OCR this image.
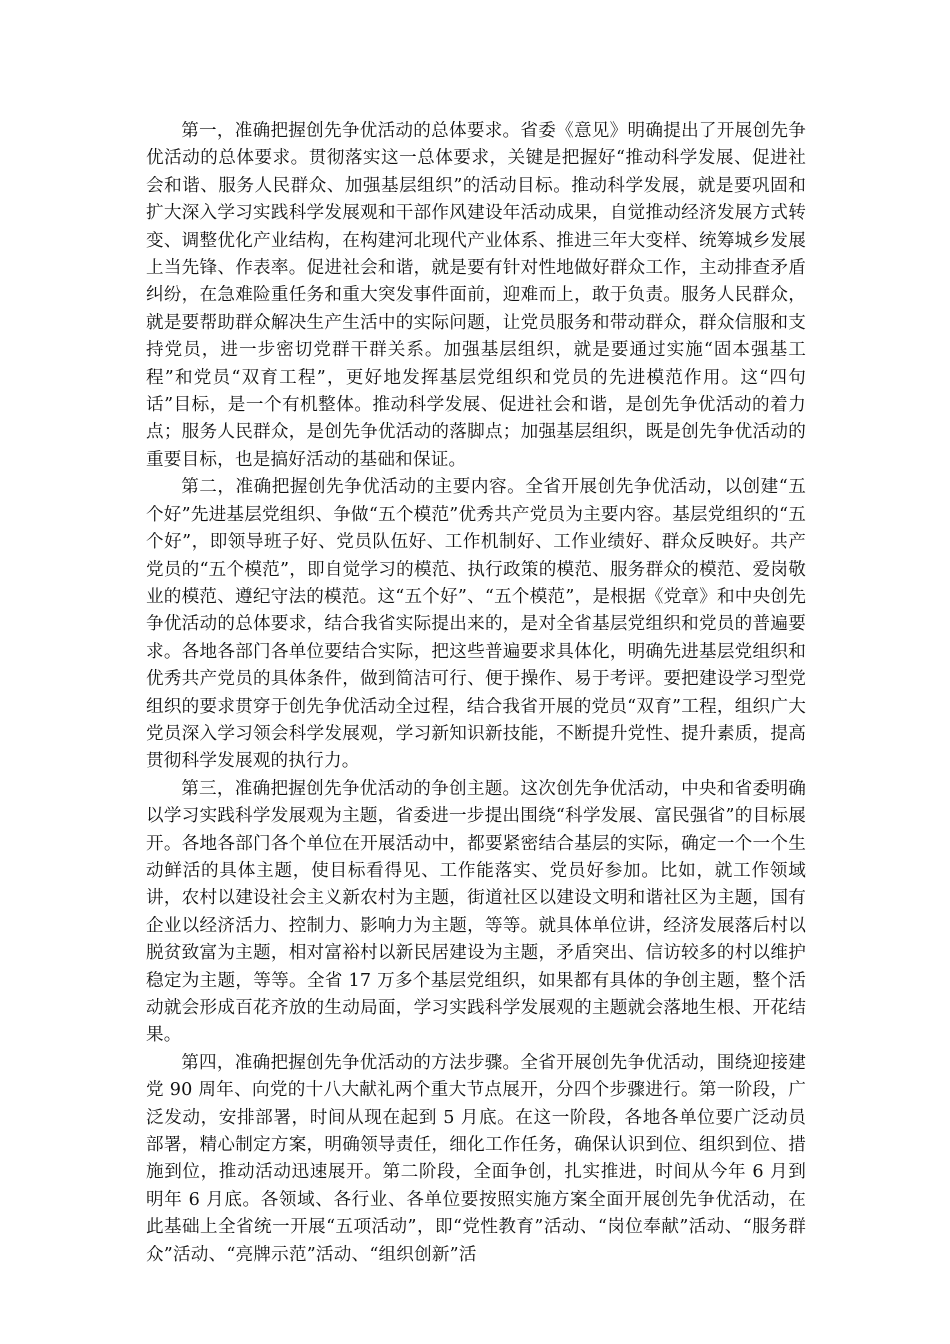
第一，准确把握创先争优活动的总体要求。省委《意见》明确提出了开展创先争优活动的总体要求。贯彻落实这一总体要求，关键是把握好“推动科学发展、促进社会和谐、服务人民群众、加强基层组织”的活动目标。推动科学发展，就是要巩固和扩大深入学习实践科学发展观和干部作风建设年活动成果，自觉推动经济发展方式转变、调整优化产业结构，在构建河北现代产业体系、推进三年大变样、统筹城乡发展上当先锋、作表率。促进社会和谐，就是要有针对性地做好群众工作，主动排查矛盾纠纷，在急难险重任务和重大突发事件面前，迎难而上，敢于负责。服务人民群众，就是要帮助群众解决生产生活中的实际问题，让党员服务和带动群众，群众信服和支持党员，进一步密切党群干群关系。加强基层组织，就是要通过实施“固本强基工程”和党员“双育工程”，更好地发挥基层党组织和党员的先进模范作用。这“四句话”目标，是一个有机整体。推动科学发展、促进社会和谐，是创先争优活动的着力点；服务人民群众，是创先争优活动的落脚点；加强基层组织，既是创先争优活动的重要目标，也是搞好活动的基础和保证。

第二，准确把握创先争优活动的主要内容。全省开展创先争优活动，以创建“五个好”先进基层党组织、争做“五个模范”优秀共产党员为主要内容。基层党组织的“五个好”，即领导班子好、党员队伍好、工作机制好、工作业绩好、群众反映好。共产党员的“五个模范”，即自觉学习的模范、执行政策的模范、服务群众的模范、爱岗敬业的模范、遵纪守法的模范。这“五个好”、“五个模范”，是根据《党章》和中央创先争优活动的总体要求，结合我省实际提出来的，是对全省基层党组织和党员的普遍要求。各地各部门各单位要结合实际，把这些普遍要求具体化，明确先进基层党组织和优秀共产党员的具体条件，做到简洁可行、便于操作、易于考评。要把建设学习型党组织的要求贯穿于创先争优活动全过程，结合我省开展的党员“双育”工程，组织广大党员深入学习领会科学发展观，学习新知识新技能，不断提升党性、提升素质，提高贯彻科学发展观的执行力。

第三，准确把握创先争优活动的争创主题。这次创先争优活动，中央和省委明确以学习实践科学发展观为主题，省委进一步提出围绕“科学发展、富民强省”的目标展开。各地各部门各个单位在开展活动中，都要紧密结合基层的实际，确定一个一个生动鲜活的具体主题，使目标看得见、工作能落实、党员好参加。比如，就工作领域讲，农村以建设社会主义新农村为主题，街道社区以建设文明和谐社区为主题，国有企业以经济活力、控制力、影响力为主题，等等。就具体单位讲，经济发展落后村以脱贫致富为主题，相对富裕村以新民居建设为主题，矛盾突出、信访较多的村以维护稳定为主题，等等。全省 17 万多个基层党组织，如果都有具体的争创主题，整个活动就会形成百花齐放的生动局面，学习实践科学发展观的主题就会落地生根、开花结果。

第四，准确把握创先争优活动的方法步骤。全省开展创先争优活动，围绕迎接建党 90 周年、向党的十八大献礼两个重大节点展开，分四个步骤进行。第一阶段，广泛发动，安排部署，时间从现在起到 5 月底。在这一阶段，各地各单位要广泛动员部署，精心制定方案，明确领导责任，细化工作任务，确保认识到位、组织到位、措施到位，推动活动迅速展开。第二阶段，全面争创，扎实推进，时间从今年 6 月到明年 6 月底。各领域、各行业、各单位要按照实施方案全面开展创先争优活动，在此基础上全省统一开展“五项活动”，即“党性教育”活动、“岗位奉献”活动、“服务群众”活动、“亮牌示范”活动、“组织创新”活
